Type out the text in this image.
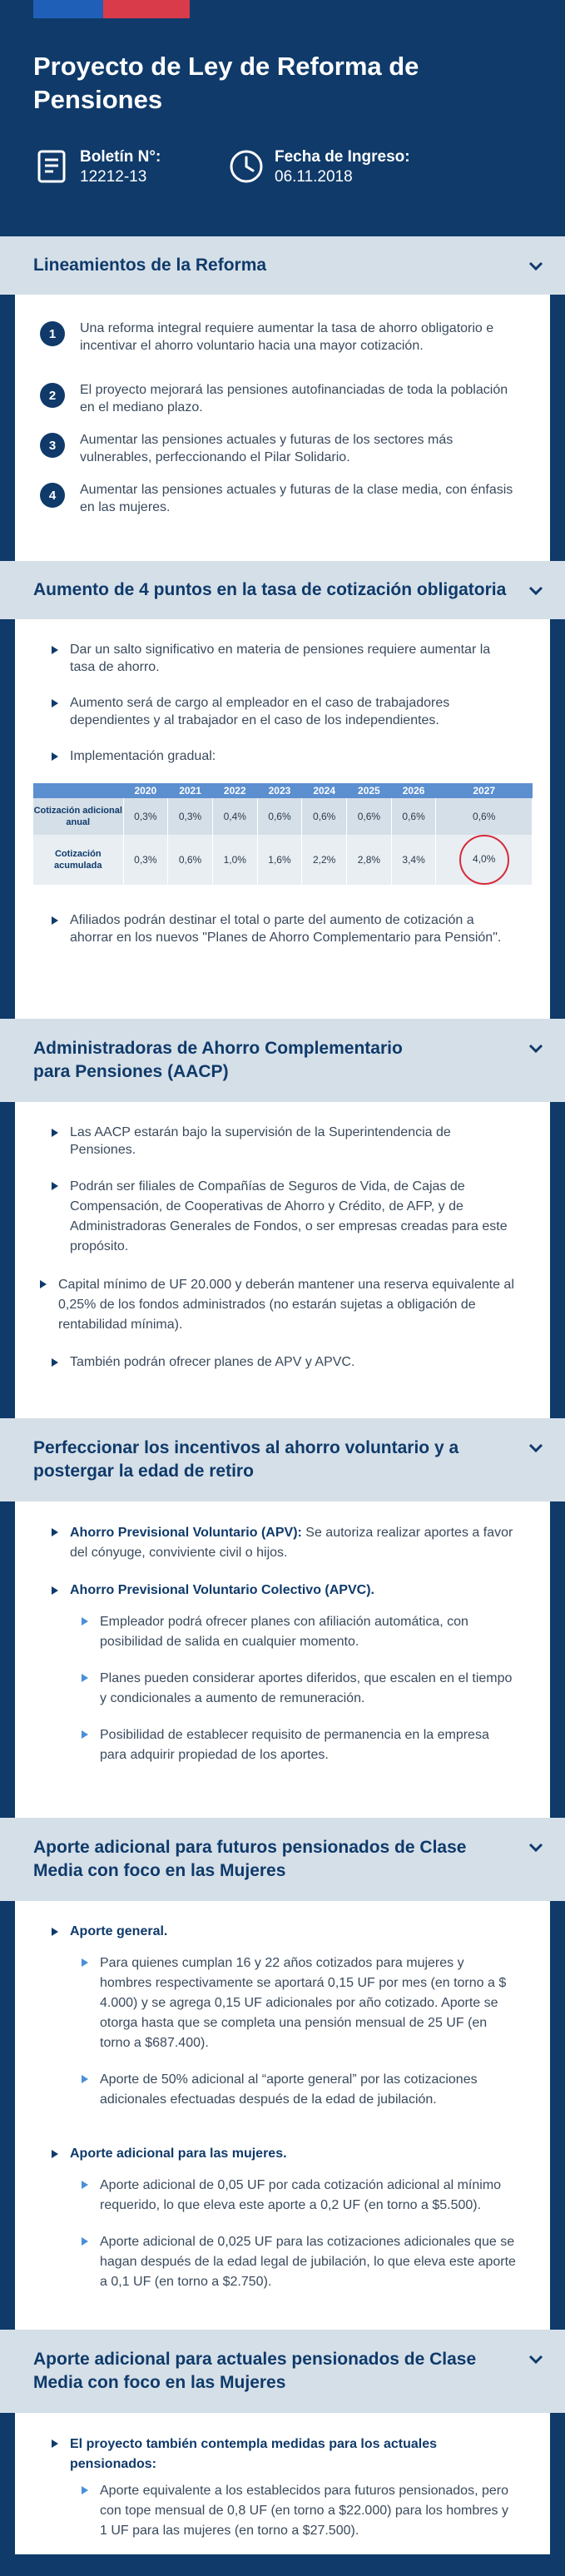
Proyecto de Ley de Reforma de Pensiones
Boletín N°:
12212-13
Fecha de Ingreso:
06.11.2018
Lineamientos de la Reforma
1	Una reforma integral requiere aumentar la tasa de ahorro obligatorio e incentivar el ahorro voluntario hacia una mayor cotización.
2	El proyecto mejorará las pensiones autofinanciadas de toda la población en el mediano plazo.
3	Aumentar las pensiones actuales y futuras de los sectores más vulnerables, perfeccionando el Pilar Solidario.
4	Aumentar las pensiones actuales y futuras de la clase media, con énfasis en las mujeres.
Aumento de 4 puntos en la tasa de cotización obligatoria
Dar un salto significativo en materia de pensiones requiere aumentar la tasa de ahorro.
Aumento será de cargo al empleador en el caso de trabajadores dependientes y al trabajador en el caso de los independientes.
Implementación gradual:
	2020	2021	2022	2023	2024	2025	2026	2027
Cotización adicional anual	0,3%	0,3%	0,4%	0,6%	0,6%	0,6%	0,6%	0,6%
Cotización acumulada	0,3%	0,6%	1,0%	1,6%	2,2%	2,8%	3,4%	4,0%
Afiliados podrán destinar el total o parte del aumento de cotización a ahorrar en los nuevos "Planes de Ahorro Complementario para Pensión".
Administradoras de Ahorro Complementario para Pensiones (AACP)
Las AACP estarán bajo la supervisión de la Superintendencia de Pensiones.
Podrán ser filiales de Compañías de Seguros de Vida, de Cajas de Compensación, de Cooperativas de Ahorro y Crédito, de AFP, y de Administradoras Generales de Fondos, o ser empresas creadas para este propósito.
Capital mínimo de UF 20.000 y deberán mantener una reserva equivalente al 0,25% de los fondos administrados (no estarán sujetas a obligación de rentabilidad mínima).
También podrán ofrecer planes de APV y APVC.
Perfeccionar los incentivos al ahorro voluntario y a postergar la edad de retiro
Ahorro Previsional Voluntario (APV): Se autoriza realizar aportes a favor del cónyuge, conviviente civil o hijos.
Ahorro Previsional Voluntario Colectivo (APVC).
Empleador podrá ofrecer planes con afiliación automática, con posibilidad de salida en cualquier momento.
Planes pueden considerar aportes diferidos, que escalen en el tiempo y condicionales a aumento de remuneración.
Posibilidad de establecer requisito de permanencia en la empresa para adquirir propiedad de los aportes.
Aporte adicional para futuros pensionados de Clase Media con foco en las Mujeres
Aporte general.
Para quienes cumplan 16 y 22 años cotizados para mujeres y hombres respectivamente se aportará 0,15 UF por mes (en torno a $ 4.000) y se agrega 0,15 UF adicionales por año cotizado. Aporte se otorga hasta que se completa una pensión mensual de 25 UF (en torno a $687.400).
Aporte de 50% adicional al “aporte general” por las cotizaciones adicionales efectuadas después de la edad de jubilación.
Aporte adicional para las mujeres.
Aporte adicional de 0,05 UF por cada cotización adicional al mínimo requerido, lo que eleva este aporte a 0,2 UF (en torno a $5.500).
Aporte adicional de 0,025 UF para las cotizaciones adicionales que se hagan después de la edad legal de jubilación, lo que eleva este aporte a 0,1 UF (en torno a $2.750).
Aporte adicional para actuales pensionados de Clase Media con foco en las Mujeres
El proyecto también contempla medidas para los actuales pensionados:
Aporte equivalente a los establecidos para futuros pensionados, pero con tope mensual de 0,8 UF (en torno a $22.000) para los hombres y 1 UF para las mujeres (en torno a $27.500).
